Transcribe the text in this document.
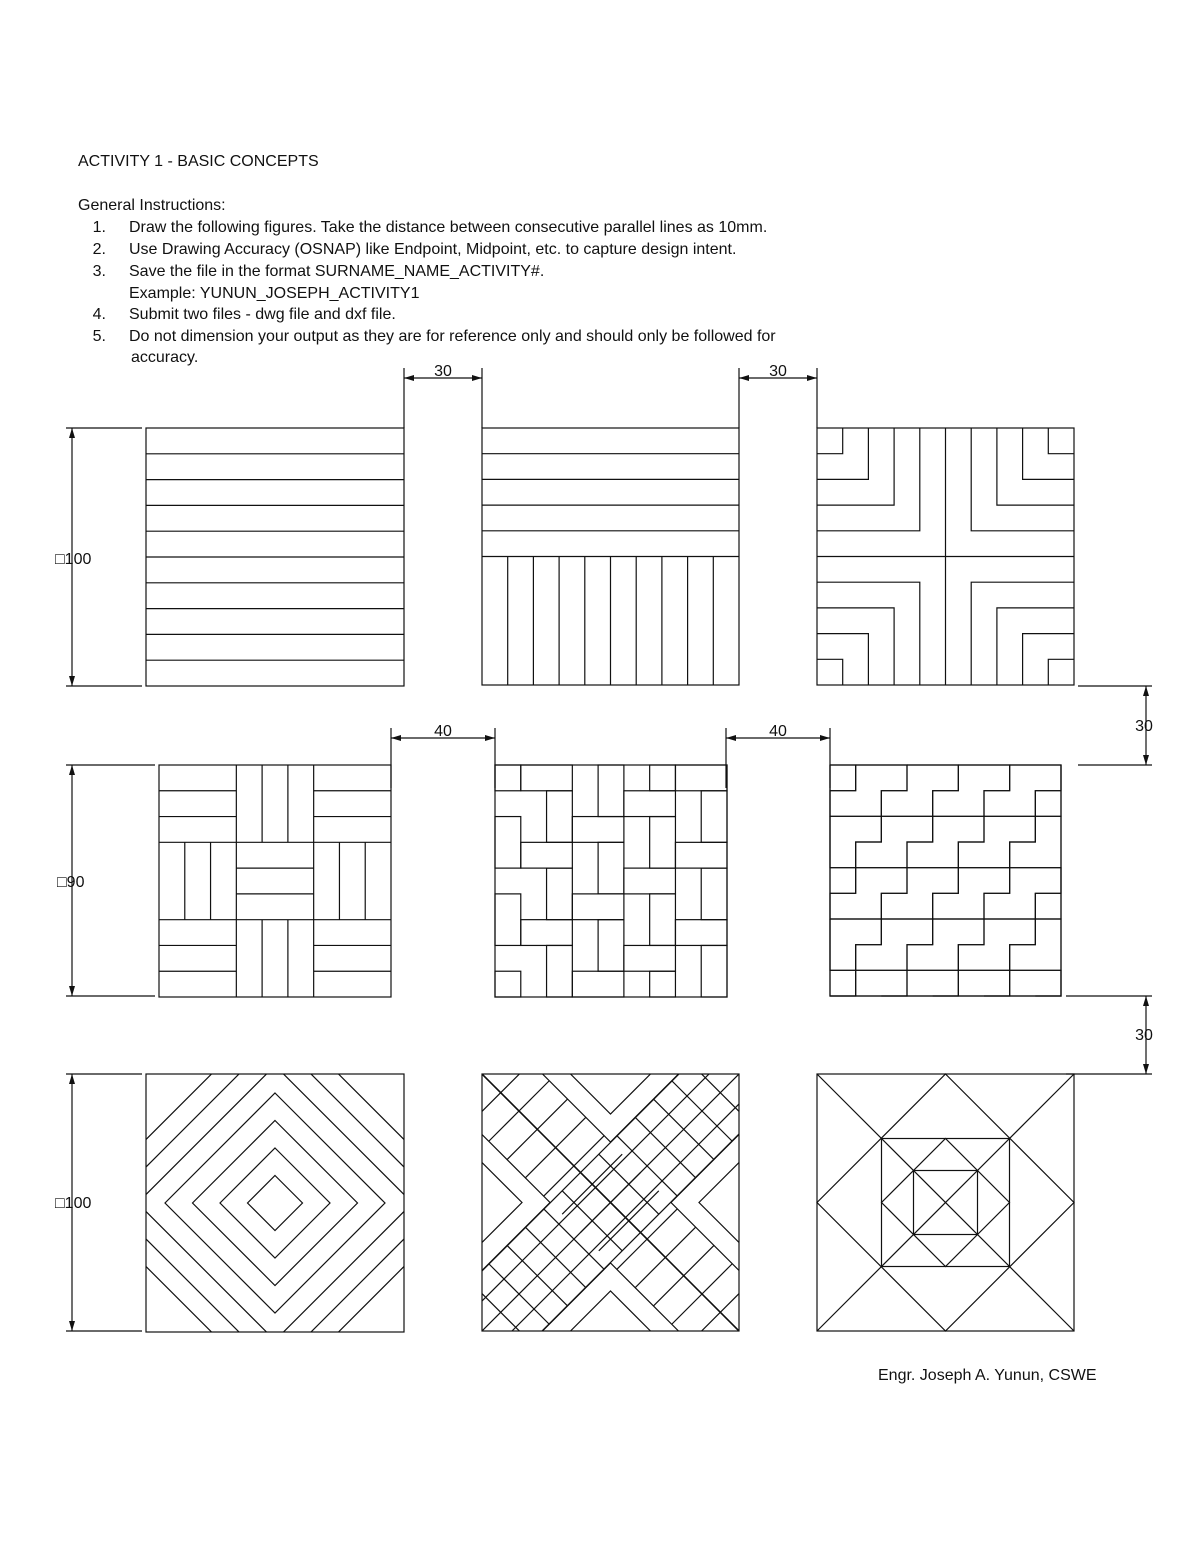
ACTIVITY 1 - BASIC CONCEPTS
General Instructions:
1. Draw the following figures. Take the distance between consecutive parallel lines as 10mm.
2. Use Drawing Accuracy (OSNAP) like Endpoint, Midpoint, etc. to capture design intent.
3. Save the file in the format SURNAME_NAME_ACTIVITY#.
Example: YUNUN_JOSEPH_ACTIVITY1
4. Submit two files - dwg file and dxf file.
5. Do not dimension your output as they are for reference only and should only be followed for
accuracy.
□100
□90
□100
30	30
40	40	30
30
Engr. Joseph A. Yunun, CSWE
